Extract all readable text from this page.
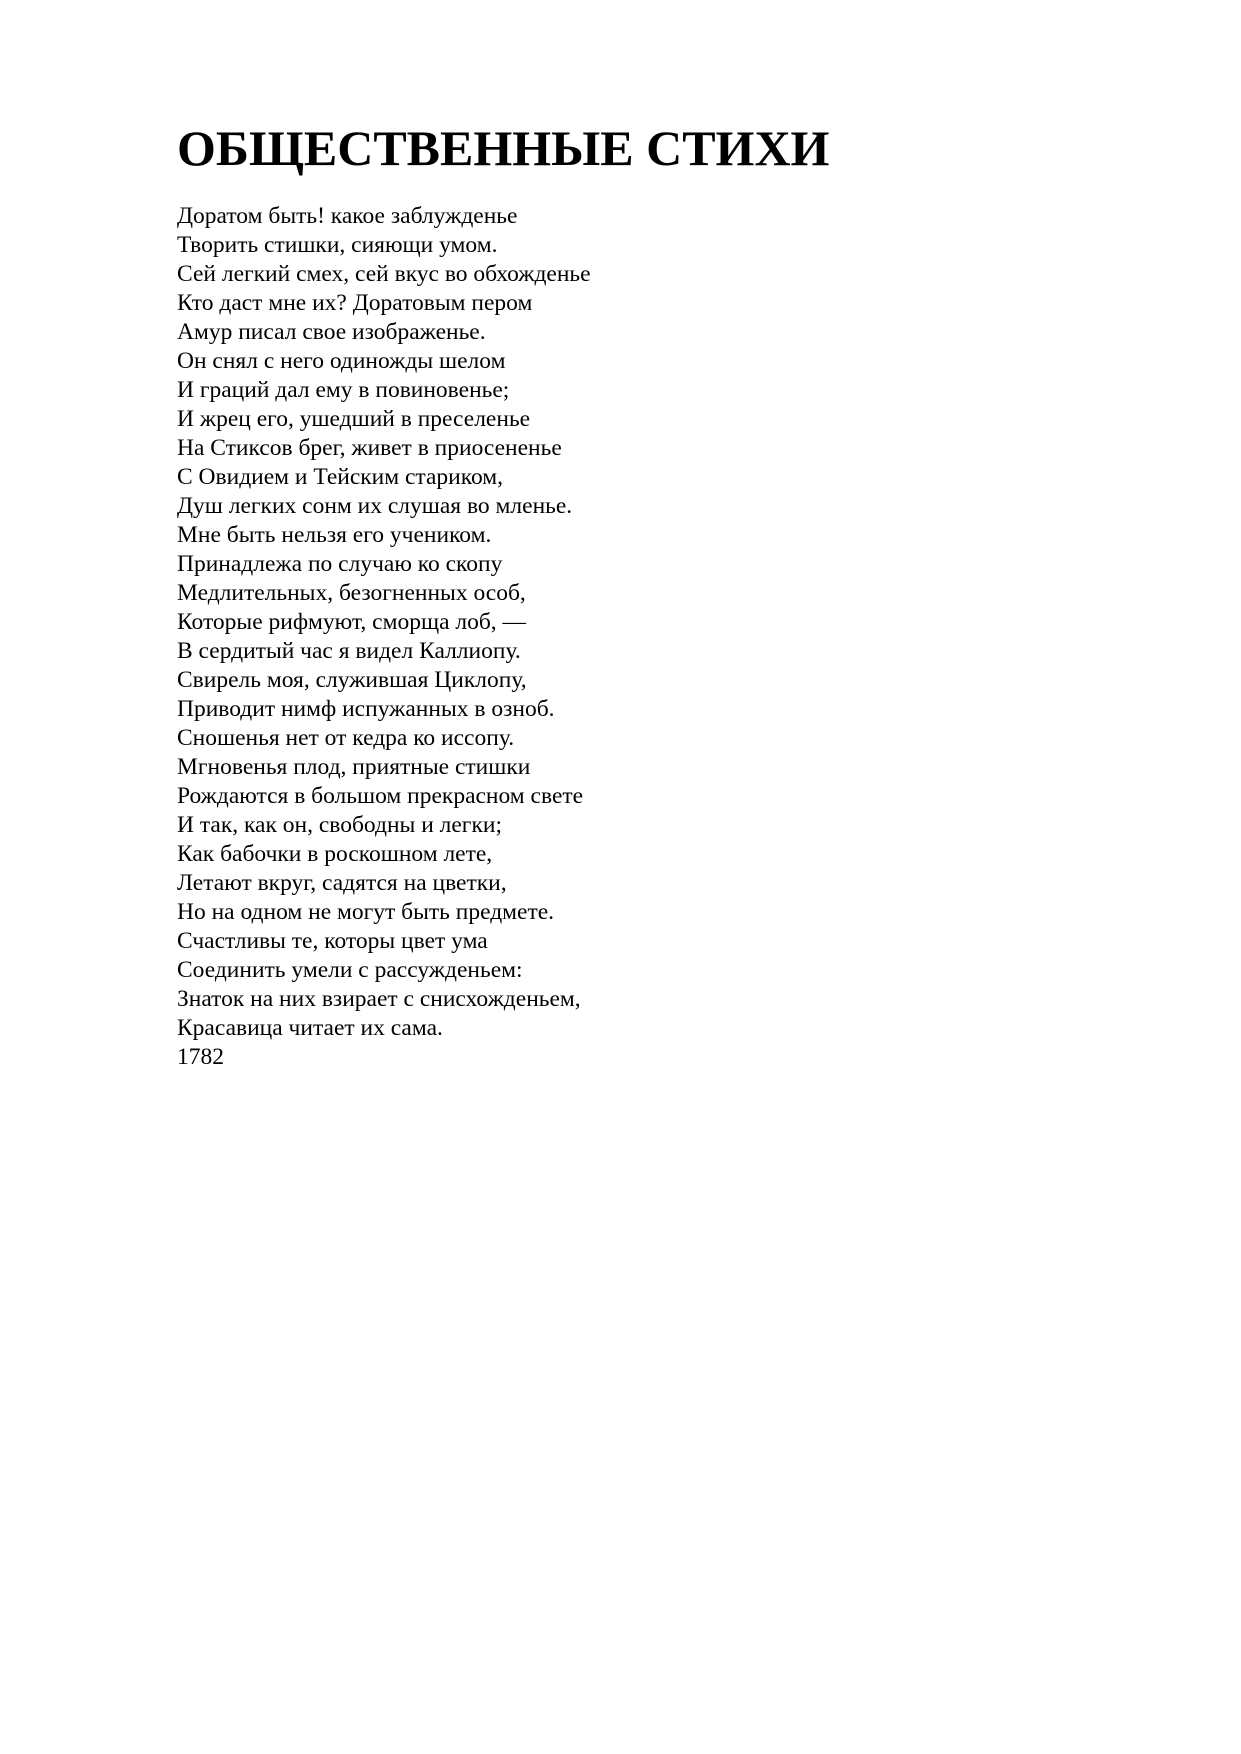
ОБЩЕСТВЕННЫЕ СТИХИ
Доратом быть! какое заблужденье
Творить стишки, сияющи умом.
Сей легкий смех, сей вкус во обхожденье
Кто даст мне их? Доратовым пером
Амур писал свое изображенье.
Он снял с него одиножды шелом
И граций дал ему в повиновенье;
И жрец его, ушедший в преселенье
На Стиксов брег, живет в приосененье
С Овидием и Тейским стариком,
Душ легких сонм их слушая во мленье.
Мне быть нельзя его учеником.
Принадлежа по случаю ко скопу
Медлительных, безогненных особ,
Которые рифмуют, сморща лоб, —
В сердитый час я видел Каллиопу.
Свирель моя, служившая Циклопу,
Приводит нимф испужанных в озноб.
Сношенья нет от кедра ко иссопу.
Мгновенья плод, приятные стишки
Рождаются в большом прекрасном свете
И так, как он, свободны и легки;
Как бабочки в роскошном лете,
Летают вкруг, садятся на цветки,
Но на одном не могут быть предмете.
Счастливы те, которы цвет ума
Соединить умели с рассужденьем:
Знаток на них взирает с снисхожденьем,
Красавица читает их сама.
1782
